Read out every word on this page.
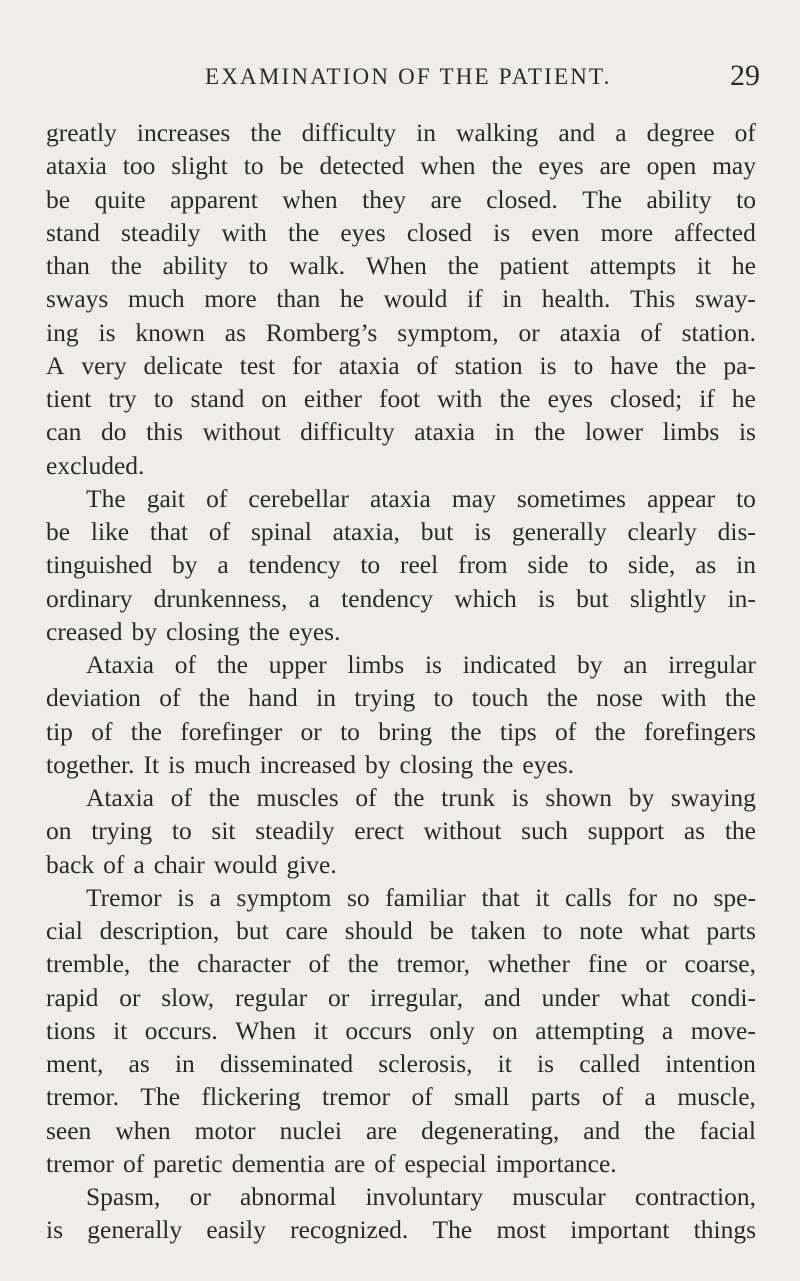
EXAMINATION OF THE PATIENT.	29
greatly increases the difficulty in walking and a degree of
ataxia too slight to be detected when the eyes are open may
be quite apparent when they are closed. The ability to
stand steadily with the eyes closed is even more affected
than the ability to walk. When the patient attempts it he
sways much more than he would if in health. This sway-
ing is known as Romberg’s symptom, or ataxia of station.
A very delicate test for ataxia of station is to have the pa-
tient try to stand on either foot with the eyes closed; if he
can do this without difficulty ataxia in the lower limbs is
excluded.
The gait of cerebellar ataxia may sometimes appear to
be like that of spinal ataxia, but is generally clearly dis-
tinguished by a tendency to reel from side to side, as in
ordinary drunkenness, a tendency which is but slightly in-
creased by closing the eyes.
Ataxia of the upper limbs is indicated by an irregular
deviation of the hand in trying to touch the nose with the
tip of the forefinger or to bring the tips of the forefingers
together. It is much increased by closing the eyes.
Ataxia of the muscles of the trunk is shown by swaying
on trying to sit steadily erect without such support as the
back of a chair would give.
Tremor is a symptom so familiar that it calls for no spe-
cial description, but care should be taken to note what parts
tremble, the character of the tremor, whether fine or coarse,
rapid or slow, regular or irregular, and under what condi-
tions it occurs. When it occurs only on attempting a move-
ment, as in disseminated sclerosis, it is called intention
tremor. The flickering tremor of small parts of a muscle,
seen when motor nuclei are degenerating, and the facial
tremor of paretic dementia are of especial importance.
Spasm, or abnormal involuntary muscular contraction,
is generally easily recognized. The most important things
